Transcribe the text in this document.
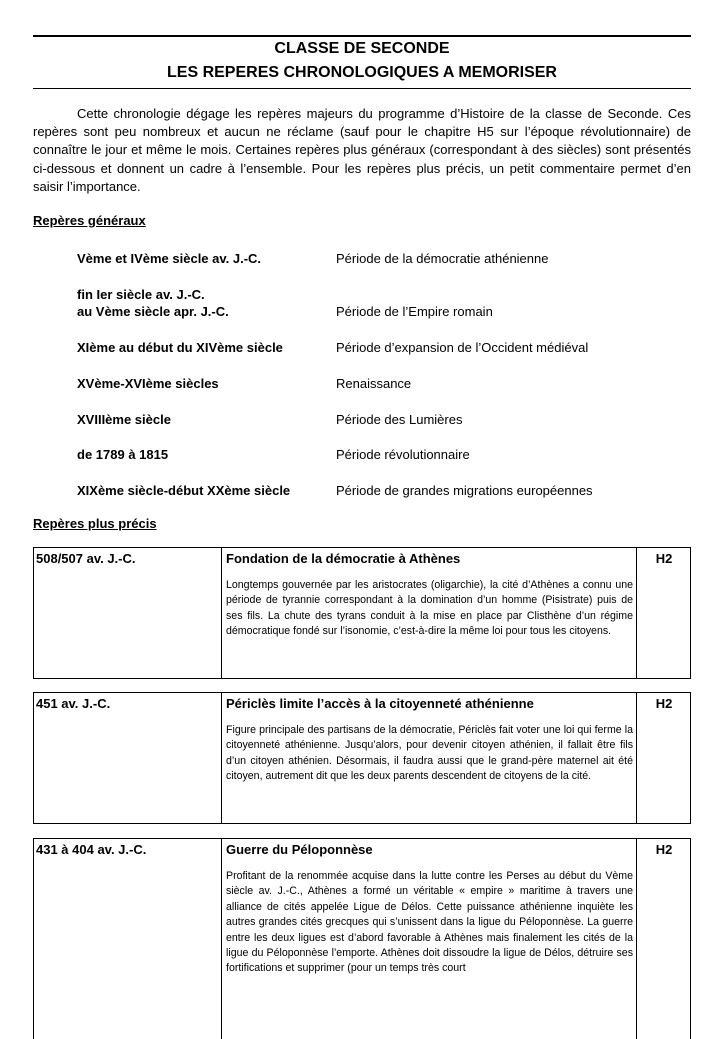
CLASSE DE SECONDE
LES REPERES CHRONOLOGIQUES A MEMORISER

Cette chronologie dégage les repères majeurs du programme d’Histoire de la classe de Seconde. Ces repères sont peu nombreux et aucun ne réclame (sauf pour le chapitre H5 sur l’époque révolutionnaire) de connaître le jour et même le mois. Certaines repères plus généraux (correspondant à des siècles) sont présentés ci-dessous et donnent un cadre à l’ensemble. Pour les repères plus précis, un petit commentaire permet d’en saisir l’importance.

Repères généraux
Vème et IVème siècle av. J.-C.	Période de la démocratie athénienne
fin Ier siècle av. J.-C.
au Vème siècle apr. J.-C.	Période de l’Empire romain
XIème au début du XIVème siècle	Période d’expansion de l’Occident médiéval
XVème-XVIème siècles	Renaissance
XVIIIème siècle	Période des Lumières
de 1789 à 1815	Période révolutionnaire
XIXème siècle-début XXème siècle	Période de grandes migrations européennes
Repères plus précis
508/507 av. J.-C.	Fondation de la démocratie à Athènes
Longtemps gouvernée par les aristocrates (oligarchie), la cité d’Athènes a connu une période de tyrannie correspondant à la domination d’un homme (Pisistrate) puis de ses fils. La chute des tyrans conduit à la mise en place par Clisthène d’un régime démocratique fondé sur l’isonomie, c’est-à-dire la même loi pour tous les citoyens.
H2
451 av. J.-C.	Périclès limite l’accès à la citoyenneté athénienne
Figure principale des partisans de la démocratie, Périclès fait voter une loi qui ferme la citoyenneté athénienne. Jusqu’alors, pour devenir citoyen athénien, il fallait être fils d’un citoyen athénien. Désormais, il faudra aussi que le grand-père maternel ait été citoyen, autrement dit que les deux parents descendent de citoyens de la cité.
H2
431 à 404 av. J.-C.	Guerre du Péloponnèse
Profitant de la renommée acquise dans la lutte contre les Perses au début du Vème siècle av. J.-C., Athènes a formé un véritable « empire » maritime à travers une alliance de cités appelée Ligue de Délos. Cette puissance athénienne inquiète les autres grandes cités grecques qui s’unissent dans la ligue du Péloponnèse. La guerre entre les deux ligues est d’abord favorable à Athènes mais finalement les cités de la ligue du Péloponnèse l’emporte. Athènes doit dissoudre la ligue de Délos, détruire ses fortifications et supprimer (pour un temps très court
H2
